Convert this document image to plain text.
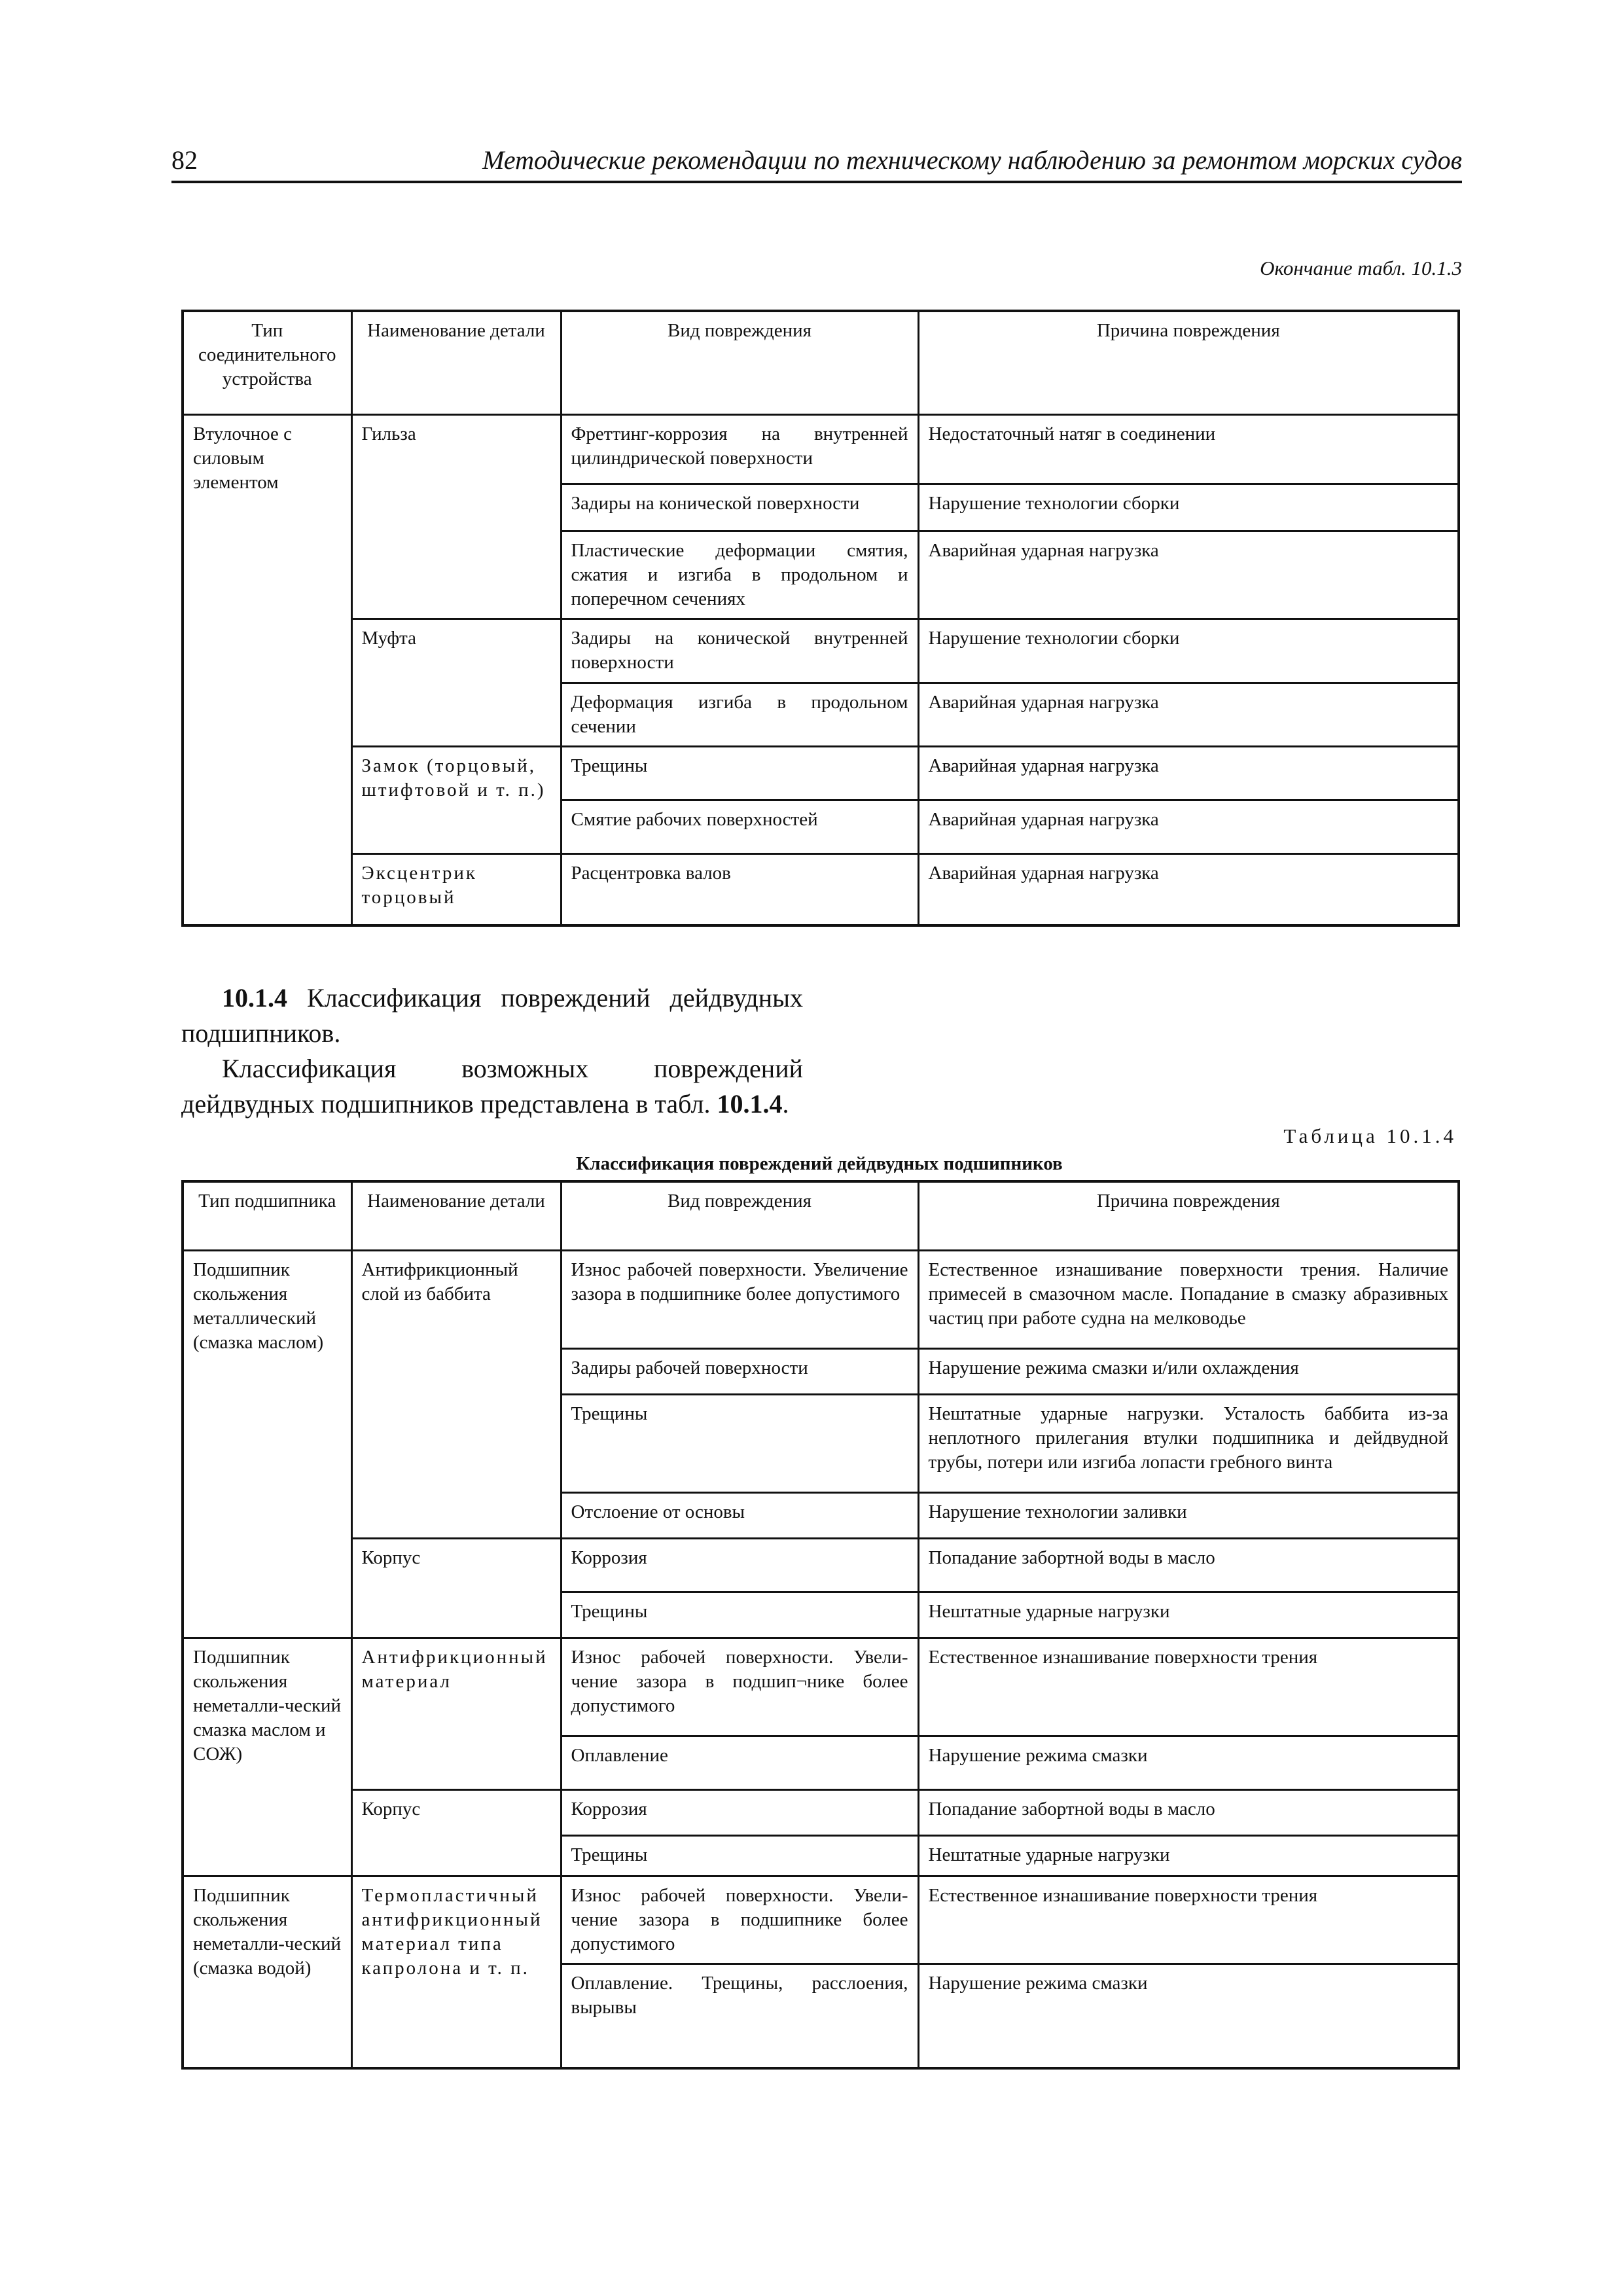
82	Методические рекомендации по техническому наблюдению за ремонтом морских судов
Окончание табл. 10.1.3
Тип соединительного устройства	Наименование детали	Вид повреждения	Причина повреждения
Втулочное с силовым элементом	Гильза	Фреттинг-коррозия на внутренней цилиндрической поверхности	Недостаточный натяг в соединении
		Задиры на конической поверхности	Нарушение технологии сборки
		Пластические деформации смятия, сжатия и изгиба в продольном и поперечном сечениях	Аварийная ударная нагрузка
	Муфта	Задиры на конической внутренней поверхности	Нарушение технологии сборки
		Деформация изгиба в продольном сечении	Аварийная ударная нагрузка
	Замок (торцовый, штифтовой и т. п.)	Трещины	Аварийная ударная нагрузка
		Смятие рабочих поверхностей	Аварийная ударная нагрузка
	Эксцентрик торцовый	Расцентровка валов	Аварийная ударная нагрузка

10.1.4 Классификация повреждений дейдвудных подшипников.

Классификация возможных повреждений дейдвудных подшипников представлена в табл. 10.1.4.

Таблица 10.1.4
Классификация повреждений дейдвудных подшипников
Тип подшипника	Наименование детали	Вид повреждения	Причина повреждения
Подшипник скольжения металлический (смазка маслом)	Антифрикционный слой из баббита	Износ рабочей поверхности. Увеличение зазора в подшипнике более допустимого	Естественное изнашивание поверхности трения. Наличие примесей в смазочном масле. Попадание в смазку абразивных частиц при работе судна на мелководье
		Задиры рабочей поверхности	Нарушение режима смазки и/или охлаждения
		Трещины	Нештатные ударные нагрузки. Усталость баббита из-за неплотного прилегания втулки подшипника и дейдвудной трубы, потери или изгиба лопасти гребного винта
		Отслоение от основы	Нарушение технологии заливки
	Корпус	Коррозия	Попадание забортной воды в масло
		Трещины	Нештатные ударные нагрузки
Подшипник скольжения неметалли-ческий смазка маслом и СОЖ)	Антифрикционный материал	Износ рабочей поверхности. Увели-чение зазора в подшип¬нике более допустимого	Естественное изнашивание поверхности трения
		Оплавление	Нарушение режима смазки
	Корпус	Коррозия	Попадание забортной воды в масло
		Трещины	Нештатные ударные нагрузки
Подшипник скольжения неметалли-ческий (смазка водой)	Термопластичный антифрикционный материал типа капролона и т. п.	Износ рабочей поверхности. Увели-чение зазора в подшипнике более допустимого	Естественное изнашивание поверхности трения
		Оплавление. Трещины, расслоения, вырывы	Нарушение режима смазки
